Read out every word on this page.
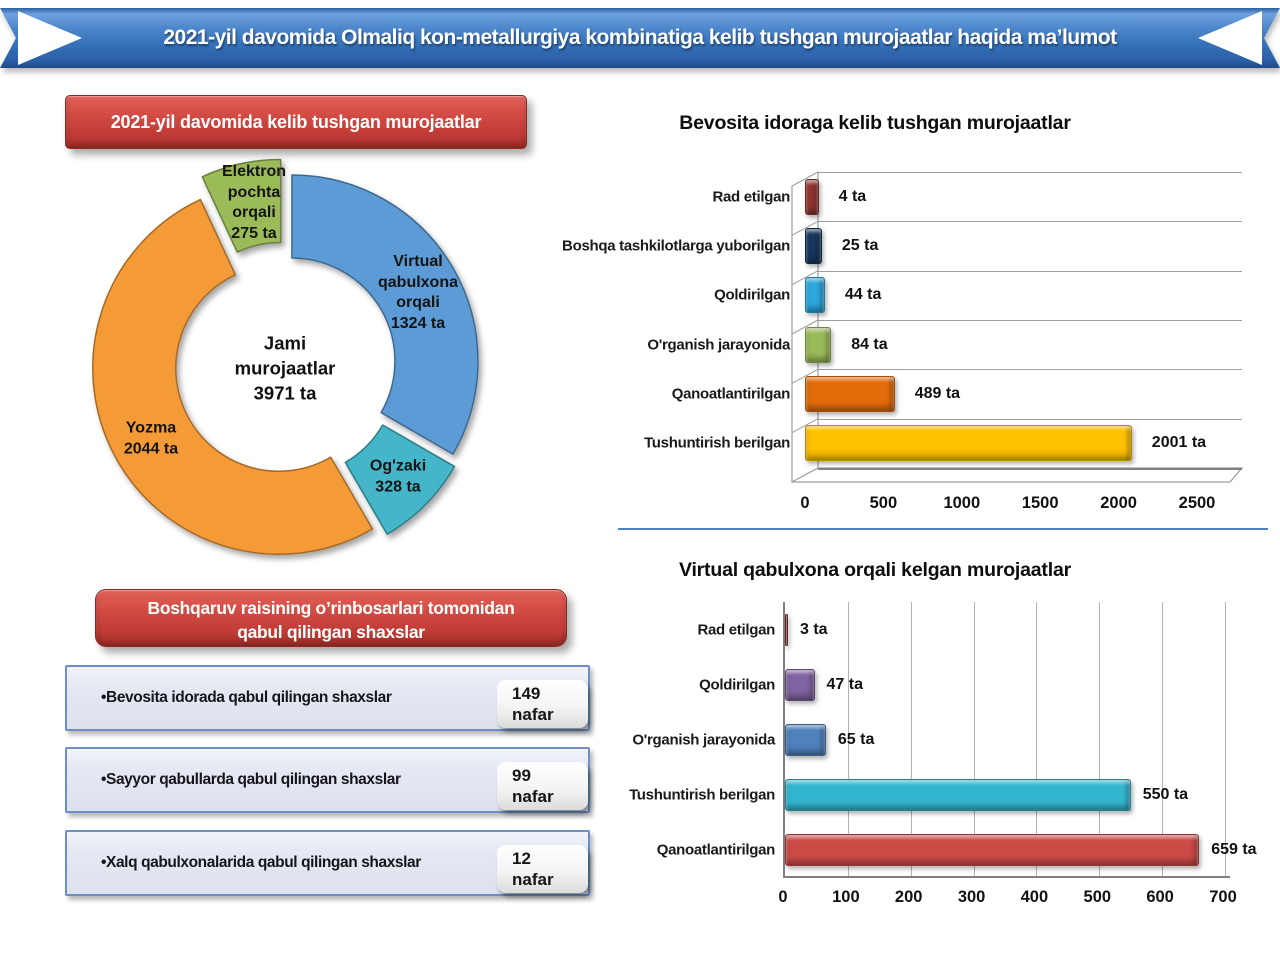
2021-yil davomida Olmaliq kon-metallurgiya kombinatiga kelib tushgan murojaatlar haqida ma’lumot
2021-yil davomida kelib tushgan murojaatlar
Virtual
qabulxona
orqali
1324 ta
Og'zaki
328 ta
Yozma
2044 ta
Elektron
pochta
orqali
275 ta
Jami
murojaatlar
3971 ta
Bevosita idoraga kelib tushgan murojaatlar
4 ta
25 ta
44 ta
84 ta
489 ta
2001 ta
Rad etilgan
Boshqa tashkilotlarga yuborilgan
Qoldirilgan
O'rganish jarayonida
Qanoatlantirilgan
Tushuntirish berilgan
0	500	1000	1500	2000	2500
Virtual qabulxona orqali kelgan murojaatlar
3 ta
47 ta
65 ta
550 ta
659 ta
Rad etilgan
Qoldirilgan
O'rganish jarayonida
Tushuntirish berilgan
Qanoatlantirilgan
0	100 200 300 400 500 600 700
Boshqaruv raisining o’rinbosarlari tomonidan
qabul qilingan shaxslar
•Bevosita idorada qabul qilingan shaxslar	149
nafar
•Sayyor qabullarda qabul qilingan shaxslar	99
nafar
•Xalq qabulxonalarida qabul qilingan shaxslar	12
nafar
